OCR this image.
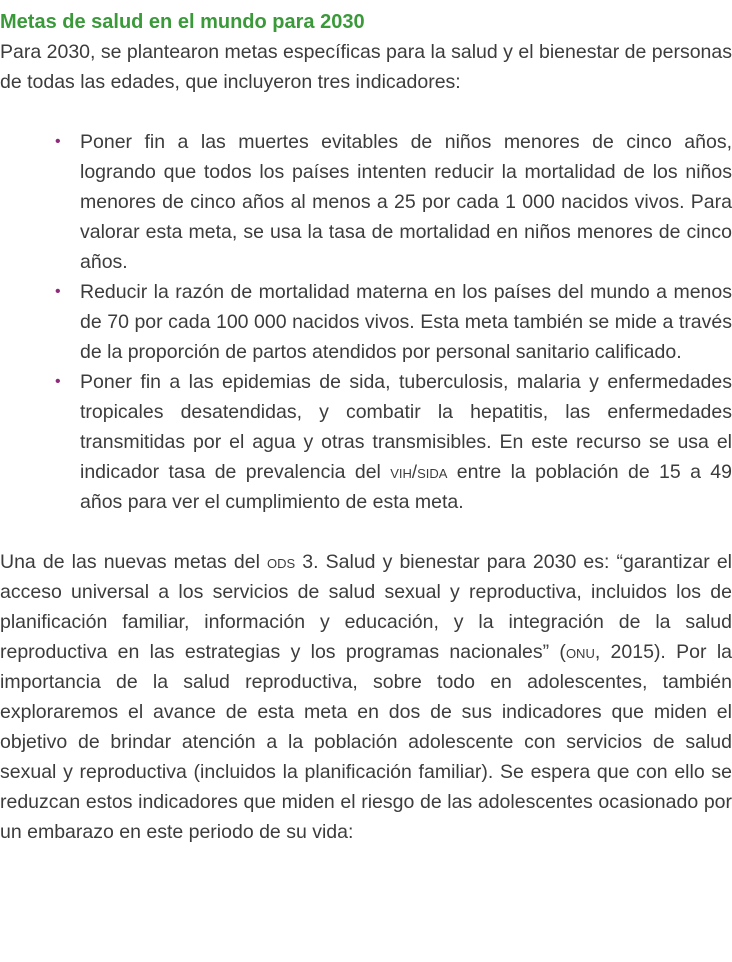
Metas de salud en el mundo para 2030

Para 2030, se plantearon metas específicas para la salud y el bienestar de personas de todas las edades, que incluyeron tres indicadores:

• Poner fin a las muertes evitables de niños menores de cinco años, logrando que todos los países intenten reducir la mortalidad de los niños menores de cinco años al menos a 25 por cada 1 000 nacidos vivos. Para valorar esta meta, se usa la tasa de mortalidad en niños menores de cinco años.
• Reducir la razón de mortalidad materna en los países del mundo a menos de 70 por cada 100 000 nacidos vivos. Esta meta también se mide a través de la proporción de partos atendidos por personal sanitario calificado.
• Poner fin a las epidemias de sida, tuberculosis, malaria y enfermedades tropicales desatendidas, y combatir la hepatitis, las enfermedades transmitidas por el agua y otras transmisibles. En este recurso se usa el indicador tasa de prevalencia del vih/sida entre la población de 15 a 49 años para ver el cumplimiento de esta meta.

Una de las nuevas metas del ods 3. Salud y bienestar para 2030 es: “garantizar el acceso universal a los servicios de salud sexual y reproductiva, incluidos los de planificación familiar, información y educación, y la integración de la salud reproductiva en las estrategias y los programas nacionales” (onu, 2015). Por la importancia de la salud reproductiva, sobre todo en adolescentes, también exploraremos el avance de esta meta en dos de sus indicadores que miden el objetivo de brindar atención a la población adolescente con servicios de salud sexual y reproductiva (incluidos la planificación familiar). Se espera que con ello se reduzcan estos indicadores que miden el riesgo de las adolescentes ocasionado por un embarazo en este periodo de su vida:
